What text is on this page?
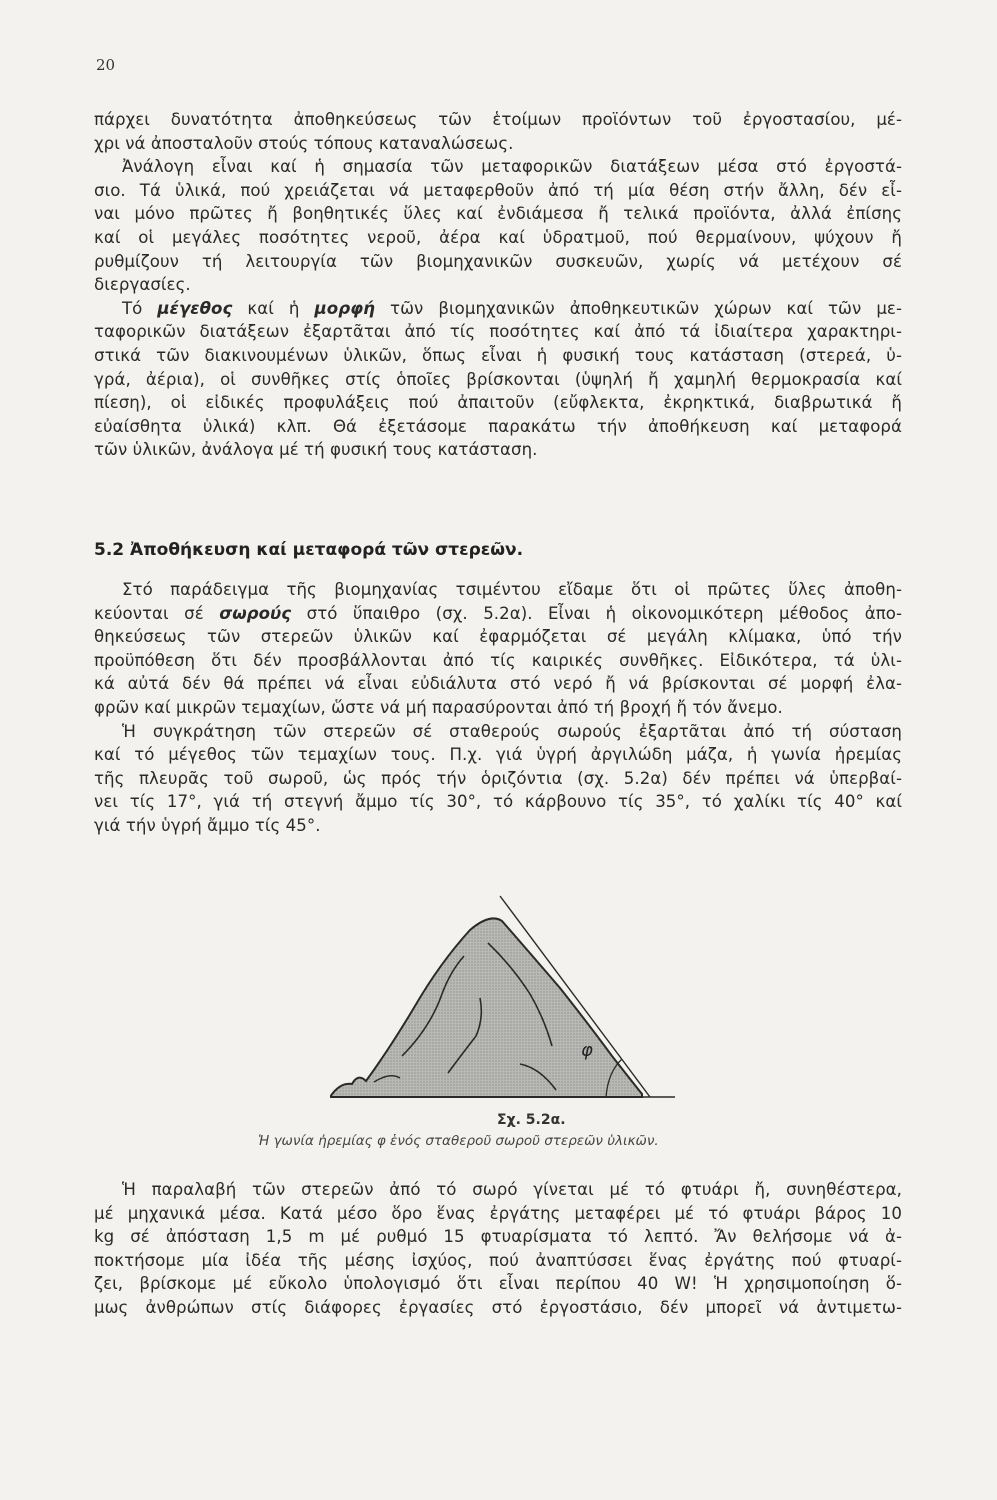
20
πάρχει δυνατότητα ἀποθηκεύσεως τῶν ἑτοίμων προϊόντων τοῦ ἐργοστασίου, μέ-
χρι νά ἀποσταλοῦν στούς τόπους καταναλώσεως.
Ἀνάλογη εἶναι καί ἡ σημασία τῶν μεταφορικῶν διατάξεων μέσα στό ἐργοστά-
σιο. Τά ὑλικά, πού χρειάζεται νά μεταφερθοῦν ἀπό τή μία θέση στήν ἄλλη, δέν εἶ-
ναι μόνο πρῶτες ἤ βοηθητικές ὕλες καί ἐνδιάμεσα ἤ τελικά προϊόντα, ἀλλά ἐπίσης
καί οἱ μεγάλες ποσότητες νεροῦ, ἀέρα καί ὑδρατμοῦ, πού θερμαίνουν, ψύχουν ἤ
ρυθμίζουν τή λειτουργία τῶν βιομηχανικῶν συσκευῶν, χωρίς νά μετέχουν σέ
διεργασίες.
Τό μέγεθος καί ἡ μορφή τῶν βιομηχανικῶν ἀποθηκευτικῶν χώρων καί τῶν με-
ταφορικῶν διατάξεων ἐξαρτᾶται ἀπό τίς ποσότητες καί ἀπό τά ἰδιαίτερα χαρακτηρι-
στικά τῶν διακινουμένων ὑλικῶν, ὅπως εἶναι ἡ φυσική τους κατάσταση (στερεά, ὑ-
γρά, ἀέρια), οἱ συνθῆκες στίς ὁποῖες βρίσκονται (ὑψηλή ἤ χαμηλή θερμοκρασία καί
πίεση), οἱ εἰδικές προφυλάξεις πού ἀπαιτοῦν (εὔφλεκτα, ἐκρηκτικά, διαβρωτικά ἤ
εὐαίσθητα ὑλικά) κλπ. Θά ἐξετάσομε παρακάτω τήν ἀποθήκευση καί μεταφορά
τῶν ὑλικῶν, ἀνάλογα μέ τή φυσική τους κατάσταση.
5.2 Ἀποθήκευση καί μεταφορά τῶν στερεῶν.
Στό παράδειγμα τῆς βιομηχανίας τσιμέντου εἴδαμε ὅτι οἱ πρῶτες ὕλες ἀποθη-
κεύονται σέ σωρούς στό ὕπαιθρο (σχ. 5.2α). Εἶναι ἡ οἰκονομικότερη μέθοδος ἀπο-
θηκεύσεως τῶν στερεῶν ὑλικῶν καί ἐφαρμόζεται σέ μεγάλη κλίμακα, ὑπό τήν
προϋπόθεση ὅτι δέν προσβάλλονται ἀπό τίς καιρικές συνθῆκες. Εἰδικότερα, τά ὑλι-
κά αὐτά δέν θά πρέπει νά εἶναι εὐδιάλυτα στό νερό ἤ νά βρίσκονται σέ μορφή ἐλα-
φρῶν καί μικρῶν τεμαχίων, ὥστε νά μή παρασύρονται ἀπό τή βροχή ἤ τόν ἄνεμο.
Ἡ συγκράτηση τῶν στερεῶν σέ σταθερούς σωρούς ἐξαρτᾶται ἀπό τή σύσταση
καί τό μέγεθος τῶν τεμαχίων τους. Π.χ. γιά ὑγρή ἀργιλώδη μάζα, ἡ γωνία ἠρεμίας
τῆς πλευρᾶς τοῦ σωροῦ, ὡς πρός τήν ὁριζόντια (σχ. 5.2α) δέν πρέπει νά ὑπερβαί-
νει τίς 17°, γιά τή στεγνή ἄμμο τίς 30°, τό κάρβουνο τίς 35°, τό χαλίκι τίς 40° καί
γιά τήν ὑγρή ἄμμο τίς 45°.
φ
Σχ. 5.2α.
Ἡ γωνία ἠρεμίας φ ἑνός σταθεροῦ σωροῦ στερεῶν ὑλικῶν.
Ἡ παραλαβή τῶν στερεῶν ἀπό τό σωρό γίνεται μέ τό φτυάρι ἤ, συνηθέστερα,
μέ μηχανικά μέσα. Κατά μέσο ὅρο ἕνας ἐργάτης μεταφέρει μέ τό φτυάρι βάρος 10
kg σέ ἀπόσταση 1,5 m μέ ρυθμό 15 φτυαρίσματα τό λεπτό. Ἄν θελήσομε νά ἀ-
ποκτήσομε μία ἰδέα τῆς μέσης ἰσχύος, πού ἀναπτύσσει ἕνας ἐργάτης πού φτυαρί-
ζει, βρίσκομε μέ εὔκολο ὑπολογισμό ὅτι εἶναι περίπου 40 W! Ἡ χρησιμοποίηση ὅ-
μως ἀνθρώπων στίς διάφορες ἐργασίες στό ἐργοστάσιο, δέν μπορεῖ νά ἀντιμετω-
